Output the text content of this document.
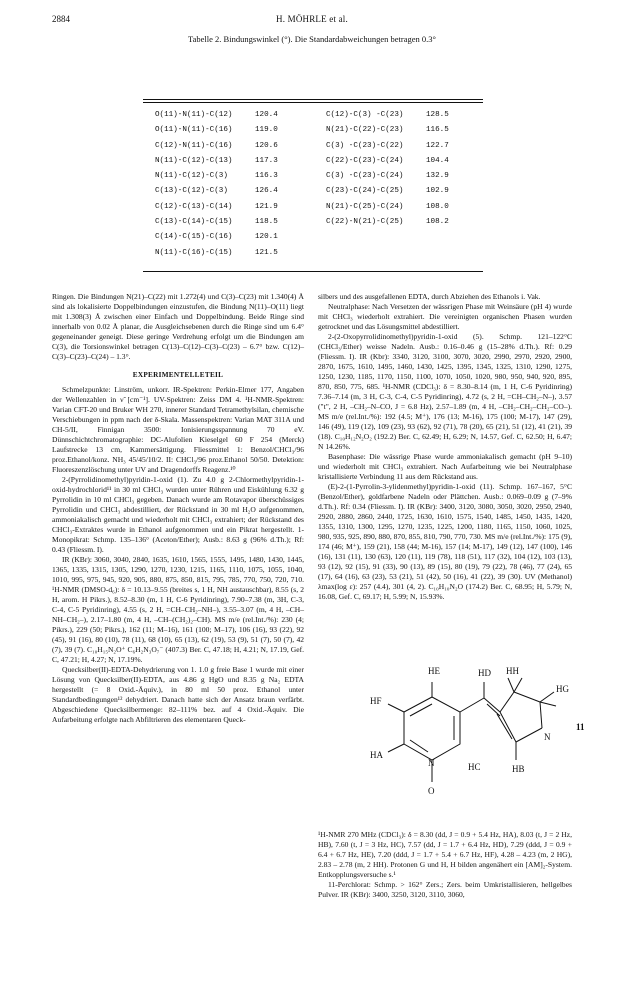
2884	H. MÖHRLE et al.
Tabelle 2. Bindungswinkel (°). Die Standardabweichungen betragen 0.3°
O(11)-N(11)-C(12)	120.4
O(11)-N(11)-C(16)	119.0
C(12)-N(11)-C(16)	120.6
N(11)-C(12)-C(13)	117.3
N(11)-C(12)-C(3)	116.3
C(13)-C(12)-C(3)	126.4
C(12)-C(13)-C(14)	121.9
C(13)-C(14)-C(15)	118.5
C(14)-C(15)-C(16)	120.1
N(11)-C(16)-C(15)	121.5
C(12)-C(3) -C(23)	128.5
N(21)-C(22)-C(23)	116.5
C(3) -C(23)-C(22)	122.7
C(22)-C(23)-C(24)	104.4
C(3) -C(23)-C(24)	132.9
C(23)-C(24)-C(25)	102.9
N(21)-C(25)-C(24)	108.0
C(22)-N(21)-C(25)	108.2

Ringen. Die Bindungen N(21)–C(22) mit 1.272(4) und C(3)–C(23) mit 1.340(4) Å sind als lokalisierte Doppelbindungen einzustufen, die Bindung N(11)–O(11) liegt mit 1.308(3) Å zwischen einer Einfach und Doppelbindung. Beide Ringe sind innerhalb von 0.02 Å planar, die Ausgleichsebenen durch die Ringe sind um 6.4° gegeneinander geneigt. Diese geringe Verdrehung erfolgt um die Bindungen am C(3), die Torsionswinkel betragen C(13)–C(12)–C(3)–C(23) – 6.7° bzw. C(12)–C(3)–C(23)–C(24) – 1.3°.

EXPERIMENTELLETEIL

Schmelzpunkte: Linström, unkorr. IR-Spektren: Perkin-Elmer 177, Angaben der Wellenzahlen in ν̃ [cm⁻¹]. UV-Spektren: Zeiss DM 4. ¹H-NMR-Spektren: Varian CFT-20 und Bruker WH 270, innerer Standard Tetramethylsilan, chemische Verschiebungen in ppm nach der δ-Skala. Massenspektren: Varian MAT 311A und CH-5/II, Finnigan 3500: Ionisierungsspannung 70 eV. Dünnschichtchromatographie: DC-Alufolien Kieselgel 60 F 254 (Merck) Laufstrecke 13 cm, Kammersättigung. Fliessmittel 1: Benzol/CHCl₃/96 proz.Ethanol/konz. NH₃ 45/45/10/2. II: CHCl₃/96 proz.Ethanol 50/50. Detektion: Fluoreszenzlöschung unter UV and Dragendorffs Reagenz.¹⁰

2-(Pyrrolidinomethyl)pyridin-1-oxid (1). Zu 4.0 g 2-Chlormethylpyridin-1-oxid-hydrochlorid¹¹ in 30 ml CHCl₃ wurden unter Rühren und Eiskühlung 6.32 g Pyrrolidin in 10 ml CHCl₃ gegeben. Danach wurde am Rotavapor überschüssiges Pyrrolidin und CHCl₃ abdestilliert, der Rückstand in 30 ml H₂O aufgenommen, ammoniakalisch gemacht und wiederholt mit CHCl₃ extrahiert; der Rückstand des CHCl₃-Extraktes wurde in Ethanol aufgenommen und ein Pikrat hergestellt. 1-Monopikrat: Schmp. 135–136° (Aceton/Ether); Ausb.: 8.63 g (96% d.Th.); Rf: 0.43 (Fliessm. I).

IR (KBr): 3060, 3040, 2840, 1635, 1610, 1565, 1555, 1495, 1480, 1430, 1445, 1365, 1335, 1315, 1305, 1290, 1270, 1230, 1215, 1165, 1110, 1075, 1055, 1040, 1010, 995, 975, 945, 920, 905, 880, 875, 850, 815, 795, 785, 770, 750, 720, 710. ¹H-NMR (DMSO-d₆): δ = 10.13–9.55 (breites s, 1 H, NH austauschbar), 8.55 (s, 2 H, arom. H Pikrs.), 8.52–8.30 (m, 1 H, C-6 Pyridinring), 7.90–7.38 (m, 3H, C-3, C-4, C-5 Pyridinring), 4.55 (s, 2 H, =CH–CH₂–NH–), 3.55–3.07 (m, 4 H, –CH–NH–CH₂–), 2.17–1.80 (m, 4 H, –CH–(CH₂)₂–CH). MS m/e (rel.Int./%): 230 (4; Pikrs.), 229 (50; Pikrs.), 162 (11; M–16), 161 (100; M–17), 106 (16), 93 (22), 92 (45), 91 (16), 80 (10), 78 (11), 68 (10), 65 (13), 62 (19), 53 (9), 51 (7), 50 (7), 42 (7), 39 (7). C₁₀H₁₅N₂O⁺ C₆H₂N₃O₇⁻ (407.3) Ber. C, 47.18; H, 4.21; N, 17.19, Gef. C, 47.21; H, 4.27; N, 17.19%.

Quecksilber(II)-EDTA-Dehydrierung von 1. 1.0 g freie Base 1 wurde mit einer Lösung von Quecksilber(II)-EDTA, aus 4.86 g HgO und 8.35 g Na₂ EDTA hergestellt (= 8 Oxid.-Äquiv.), in 80 ml 50 proz. Ethanol unter Standardbedingungen¹² dehydriert. Danach hatte sich der Ansatz braun verfärbt. Abgeschiedene Quecksilbermenge: 82–111% bez. auf 4 Oxid.-Äquiv. Die Aufarbeitung erfolgte nach Abfiltrieren des elementaren Queck-

silbers und des ausgefallenen EDTA, durch Abziehen des Ethanols i. Vak.

Neutralphase: Nach Versetzen der wässrigen Phase mit Weinsäure (pH 4) wurde mit CHCl₃ wiederholt extrahiert. Die vereinigten organischen Phasen wurden getrocknet und das Lösungsmittel abdestilliert.

2-(2-Oxopyrrolidinomethyl)pyridin-1-oxid (5). Schmp. 121–122°C (CHCl₃/Ether) weisse Nadeln. Ausb.: 0.16–0.46 g (15–28% d.Th.). Rf: 0.29 (Fliessm. I). IR (Kbr): 3340, 3120, 3100, 3070, 3020, 2990, 2970, 2920, 2900, 2870, 1675, 1610, 1495, 1460, 1430, 1425, 1395, 1345, 1325, 1310, 1290, 1275, 1250, 1230, 1185, 1170, 1150, 1100, 1070, 1050, 1020, 980, 950, 940, 920, 895, 870, 850, 775, 685. ¹H-NMR (CDCl₃): δ = 8.30–8.14 (m, 1 H, C-6 Pyridinring) 7.36–7.14 (m, 3 H, C-3, C-4, C-5 Pyridinring), 4.72 (s, 2 H, =CH–CH₂–N–), 3.57 ("t", 2 H, –CH₂–N–CO, J = 6.8 Hz), 2.57–1.89 (m, 4 H, –CH₂–CH₂–CH₂–CO–). MS m/e (rel.Int./%): 192 (4.5; M⁺), 176 (13; M-16), 175 (100; M-17), 147 (29), 146 (49), 119 (12), 109 (23), 93 (62), 92 (71), 78 (20), 65 (21), 51 (12), 41 (21), 39 (18). C₁₀H₁₂N₂O₂ (192.2) Ber. C, 62.49; H, 6.29; N, 14.57, Gef. C, 62.50; H, 6.47; N 14.26%.

Basenphase: Die wässrige Phase wurde ammoniakalisch gemacht (pH 9–10) und wiederholt mit CHCl₃ extrahiert. Nach Aufarbeitung wie bei Neutralphase kristallisierte Verbindung 11 aus dem Rückstand aus.

(E)-2-(1-Pyrrolin-3-ylidenmethyl)pyridin-1-oxid (11). Schmp. 167–167, 5°C (Benzol/Ether), goldfarbene Nadeln oder Plättchen. Ausb.: 0.069–0.09 g (7–9% d.Th.). Rf: 0.34 (Fliessm. I). IR (KBr): 3400, 3120, 3080, 3050, 3020, 2950, 2940, 2920, 2880, 2860, 2440, 1725, 1630, 1610, 1575, 1540, 1485, 1450, 1435, 1420, 1355, 1310, 1300, 1295, 1270, 1235, 1225, 1200, 1180, 1165, 1150, 1060, 1025, 980, 935, 925, 890, 880, 870, 855, 810, 790, 770, 730. MS m/e (rel.Int./%): 175 (9), 174 (46; M⁺), 159 (21), 158 (44; M-16), 157 (14; M-17), 149 (12), 147 (100), 146 (16), 131 (11), 130 (63), 120 (11), 119 (78), 118 (51), 117 (32), 104 (12), 103 (13), 93 (12), 92 (15), 91 (33), 90 (13), 89 (15), 80 (19), 79 (22), 78 (46), 77 (24), 65 (17), 64 (16), 63 (23), 53 (21), 51 (42), 50 (16), 41 (22), 39 (30). UV (Methanol) λmax(log ε): 257 (4.4), 301 (4, 2). C₁₀H₁₀N₂O (174.2) Ber. C, 68.95; H, 5.79; N, 16.08, Gef. C, 69.17; H, 5.99; N, 15.93%.

HE
HF
HD HH
HG
HA
HC	HB
N
N
O
11

¹H-NMR 270 MHz (CDCl₃): δ = 8.30 (dd, J = 0.9 + 5.4 Hz, HA), 8.03 (t, J = 2 Hz, HB), 7.60 (t, J = 3 Hz, HC), 7.57 (dd, J = 1.7 + 6.4 Hz, HD), 7.29 (ddd, J = 0.9 + 6.4 + 6.7 Hz, HE), 7.20 (ddd, J = 1.7 + 5.4 + 6.7 Hz, HF), 4.28 – 4.23 (m, 2 HG), 2.83 – 2.78 (m, 2 HH). Protonen G und H, H bilden angenähert ein [AM]₂-System. Entkopplungsversuche s.¹

11-Perchlorat: Schmp. > 162° Zers.; Zers. beim Umkristallisieren, hellgelbes Pulver. IR (KBr): 3400, 3250, 3120, 3110, 3060,
